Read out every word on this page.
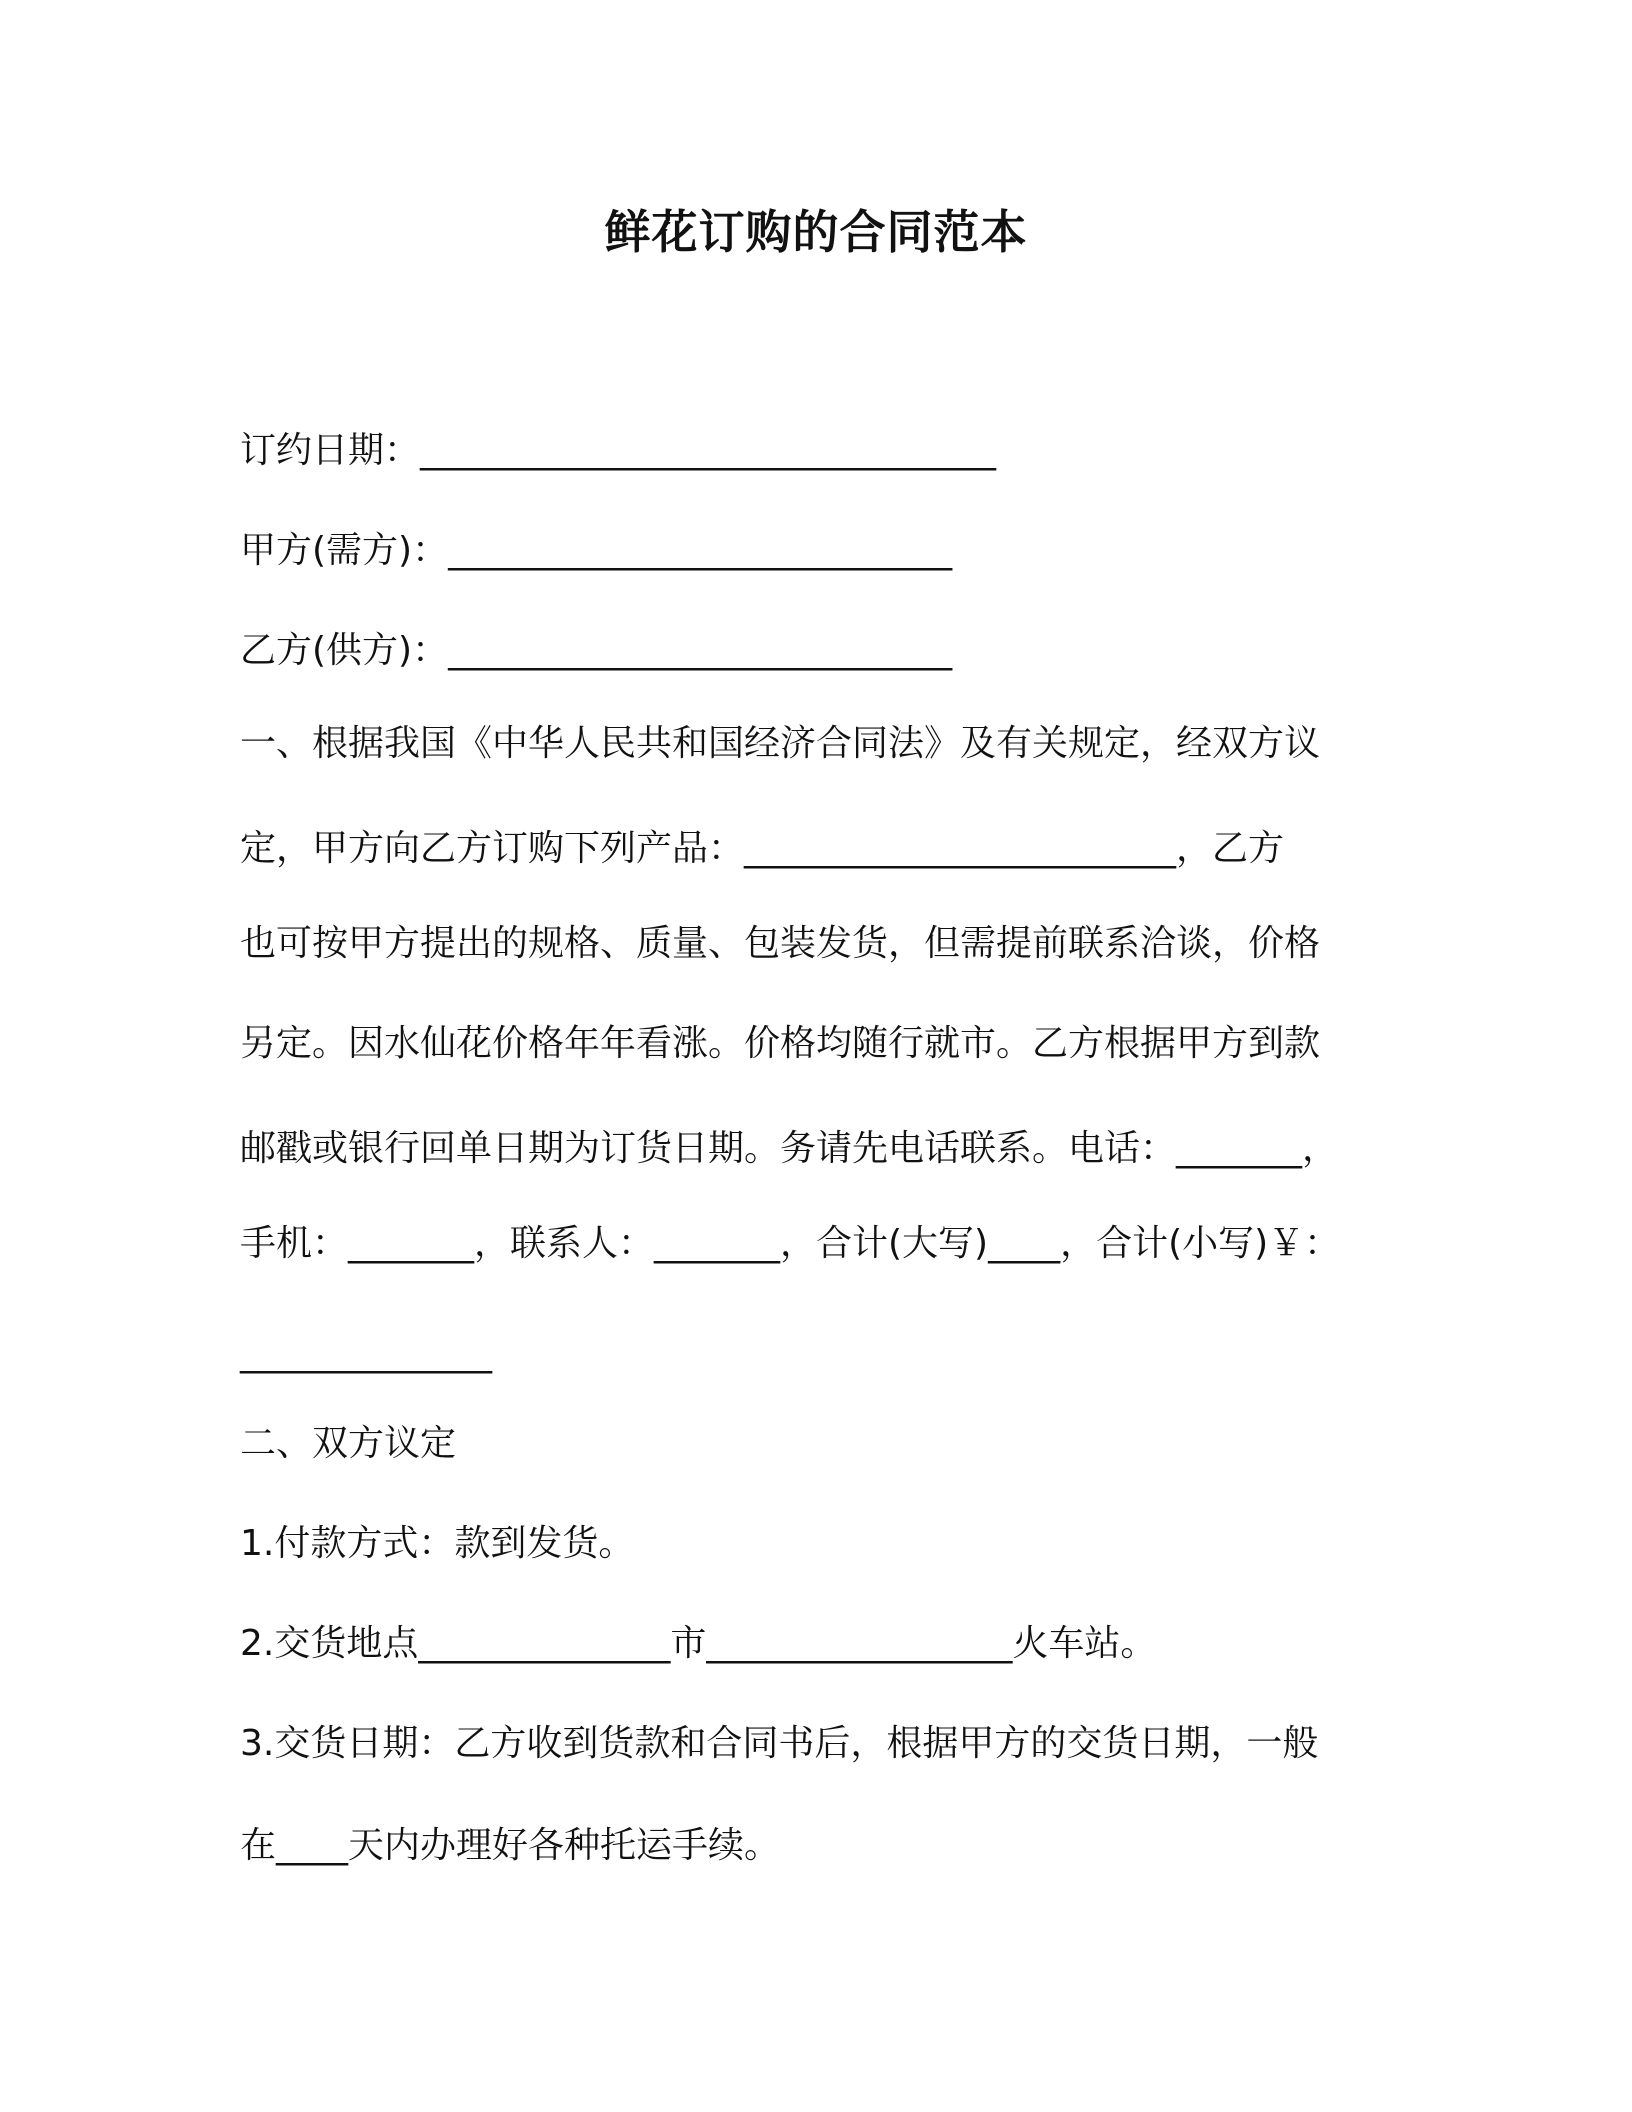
鲜花订购的合同范本
订约日期：________________________________
甲方(需方)：____________________________
乙方(供方)：____________________________
一、根据我国《中华人民共和国经济合同法》及有关规定，经双方议
定，甲方向乙方订购下列产品：________________________，乙方
也可按甲方提出的规格、质量、包装发货，但需提前联系洽谈，价格
另定。因水仙花价格年年看涨。价格均随行就市。乙方根据甲方到款
邮戳或银行回单日期为订货日期。务请先电话联系。电话：_______，
手机：_______，联系人：_______，合计(大写)____，合计(小写)￥：
______________
二、双方议定
1.付款方式：款到发货。
2.交货地点______________市_________________火车站。
3.交货日期：乙方收到货款和合同书后，根据甲方的交货日期，一般
在____天内办理好各种托运手续。
